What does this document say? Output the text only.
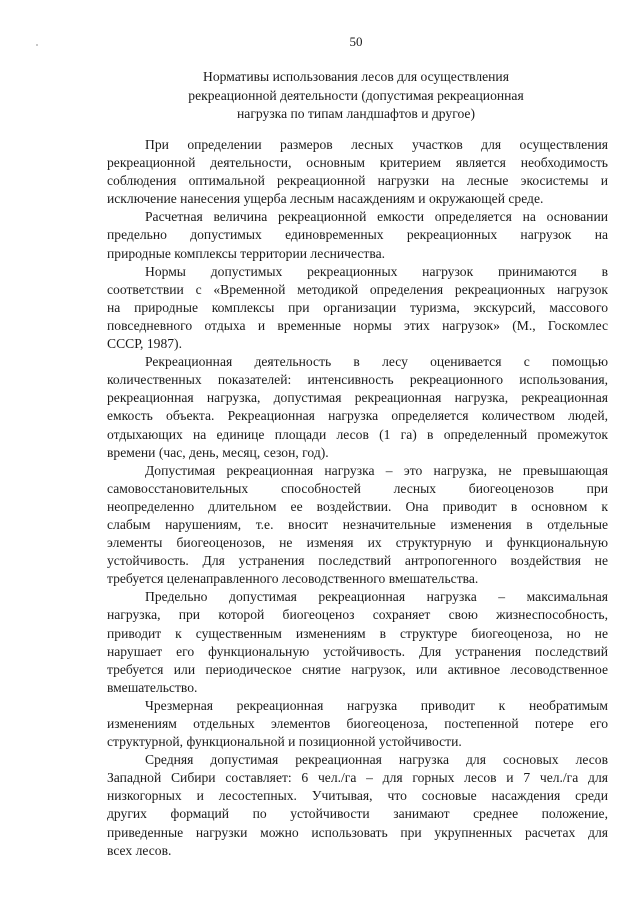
50
Нормативы использования лесов для осуществления
рекреационной деятельности (допустимая рекреационная
нагрузка по типам ландшафтов и другое)
При определении размеров лесных участков для осуществления
рекреационной деятельности, основным критерием является необходимость
соблюдения оптимальной рекреационной нагрузки на лесные экосистемы и
исключение нанесения ущерба лесным насаждениям и окружающей среде.
Расчетная величина рекреационной емкости определяется на основании
предельно допустимых единовременных рекреационных нагрузок на
природные комплексы территории лесничества.
Нормы допустимых рекреационных нагрузок принимаются в
соответствии с «Временной методикой определения рекреационных нагрузок
на природные комплексы при организации туризма, экскурсий, массового
повседневного отдыха и временные нормы этих нагрузок» (М., Госкомлес
СССР, 1987).
Рекреационная деятельность в лесу оценивается с помощью
количественных показателей: интенсивность рекреационного использования,
рекреационная нагрузка, допустимая рекреационная нагрузка, рекреационная
емкость объекта. Рекреационная нагрузка определяется количеством людей,
отдыхающих на единице площади лесов (1 га) в определенный промежуток
времени (час, день, месяц, сезон, год).
Допустимая рекреационная нагрузка – это нагрузка, не превышающая
самовосстановительных способностей лесных биогеоценозов при
неопределенно длительном ее воздействии. Она приводит в основном к
слабым нарушениям, т.е. вносит незначительные изменения в отдельные
элементы биогеоценозов, не изменяя их структурную и функциональную
устойчивость. Для устранения последствий антропогенного воздействия не
требуется целенаправленного лесоводственного вмешательства.
Предельно допустимая рекреационная нагрузка – максимальная
нагрузка, при которой биогеоценоз сохраняет свою жизнеспособность,
приводит к существенным изменениям в структуре биогеоценоза, но не
нарушает его функциональную устойчивость. Для устранения последствий
требуется или периодическое снятие нагрузок, или активное лесоводственное
вмешательство.
Чрезмерная рекреационная нагрузка приводит к необратимым
изменениям отдельных элементов биогеоценоза, постепенной потере его
структурной, функциональной и позиционной устойчивости.
Средняя допустимая рекреационная нагрузка для сосновых лесов
Западной Сибири составляет: 6 чел./га – для горных лесов и 7 чел./га для
низкогорных и лесостепных. Учитывая, что сосновые насаждения среди
других формаций по устойчивости занимают среднее положение,
приведенные нагрузки можно использовать при укрупненных расчетах для
всех лесов.
